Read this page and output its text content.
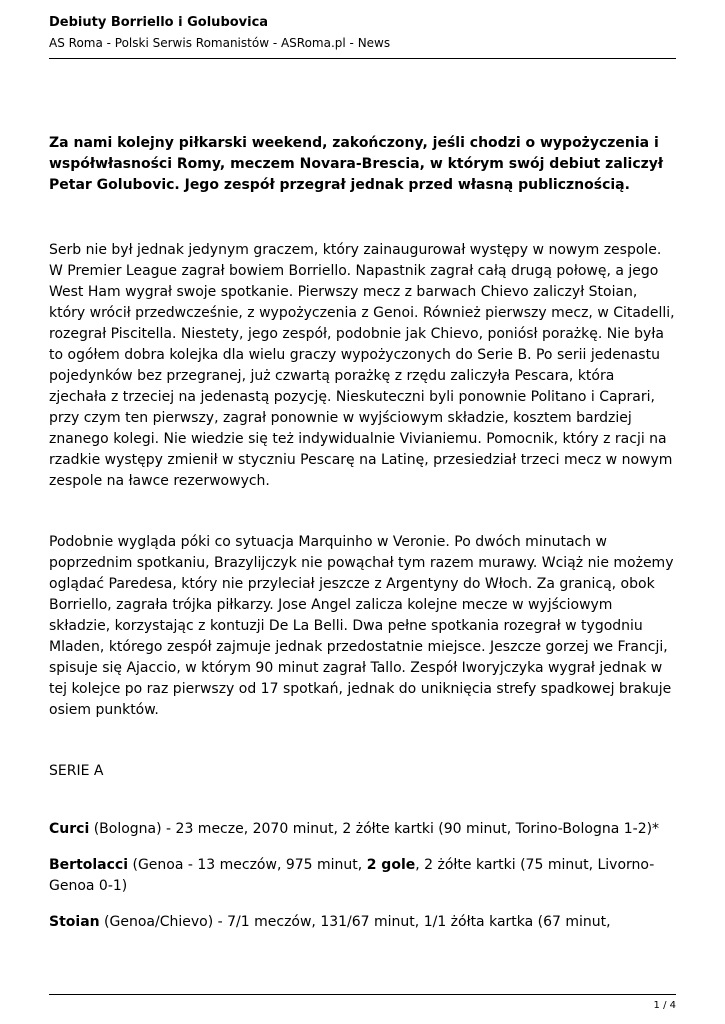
Debiuty Borriello i Golubovica
AS Roma - Polski Serwis Romanistów - ASRoma.pl - News

Za nami kolejny piłkarski weekend, zakończony, jeśli chodzi o wypożyczenia i współwłasności Romy, meczem Novara-Brescia, w którym swój debiut zaliczył Petar Golubovic. Jego zespół przegrał jednak przed własną publicznością.

Serb nie był jednak jedynym graczem, który zainaugurował występy w nowym zespole. W Premier League zagrał bowiem Borriello. Napastnik zagrał całą drugą połowę, a jego West Ham wygrał swoje spotkanie. Pierwszy mecz z barwach Chievo zaliczył Stoian, który wrócił przedwcześnie, z wypożyczenia z Genoi. Również pierwszy mecz, w Citadelli, rozegrał Piscitella. Niestety, jego zespół, podobnie jak Chievo, poniósł porażkę. Nie była to ogółem dobra kolejka dla wielu graczy wypożyczonych do Serie B. Po serii jedenastu pojedynków bez przegranej, już czwartą porażkę z rzędu zaliczyła Pescara, która zjechała z trzeciej na jedenastą pozycję. Nieskuteczni byli ponownie Politano i Caprari, przy czym ten pierwszy, zagrał ponownie w wyjściowym składzie, kosztem bardziej znanego kolegi. Nie wiedzie się też indywidualnie Vivianiemu. Pomocnik, który z racji na rzadkie występy zmienił w styczniu Pescarę na Latinę, przesiedział trzeci mecz w nowym zespole na ławce rezerwowych.

Podobnie wygląda póki co sytuacja Marquinho w Veronie. Po dwóch minutach w poprzednim spotkaniu, Brazylijczyk nie powąchał tym razem murawy. Wciąż nie możemy oglądać Paredesa, który nie przyleciał jeszcze z Argentyny do Włoch. Za granicą, obok Borriello, zagrała trójka piłkarzy. Jose Angel zalicza kolejne mecze w wyjściowym składzie, korzystając z kontuzji De La Belli. Dwa pełne spotkania rozegrał w tygodniu Mladen, którego zespół zajmuje jednak przedostatnie miejsce. Jeszcze gorzej we Francji, spisuje się Ajaccio, w którym 90 minut zagrał Tallo. Zespół Iworyjczyka wygrał jednak w tej kolejce po raz pierwszy od 17 spotkań, jednak do uniknięcia strefy spadkowej brakuje osiem punktów.

SERIE A

Curci (Bologna) - 23 mecze, 2070 minut, 2 żółte kartki (90 minut, Torino-Bologna 1-2)*

Bertolacci (Genoa - 13 meczów, 975 minut, 2 gole, 2 żółte kartki (75 minut, Livorno-Genoa 0-1)

Stoian (Genoa/Chievo) - 7/1 meczów, 131/67 minut, 1/1 żółta kartka (67 minut,

1 / 4
